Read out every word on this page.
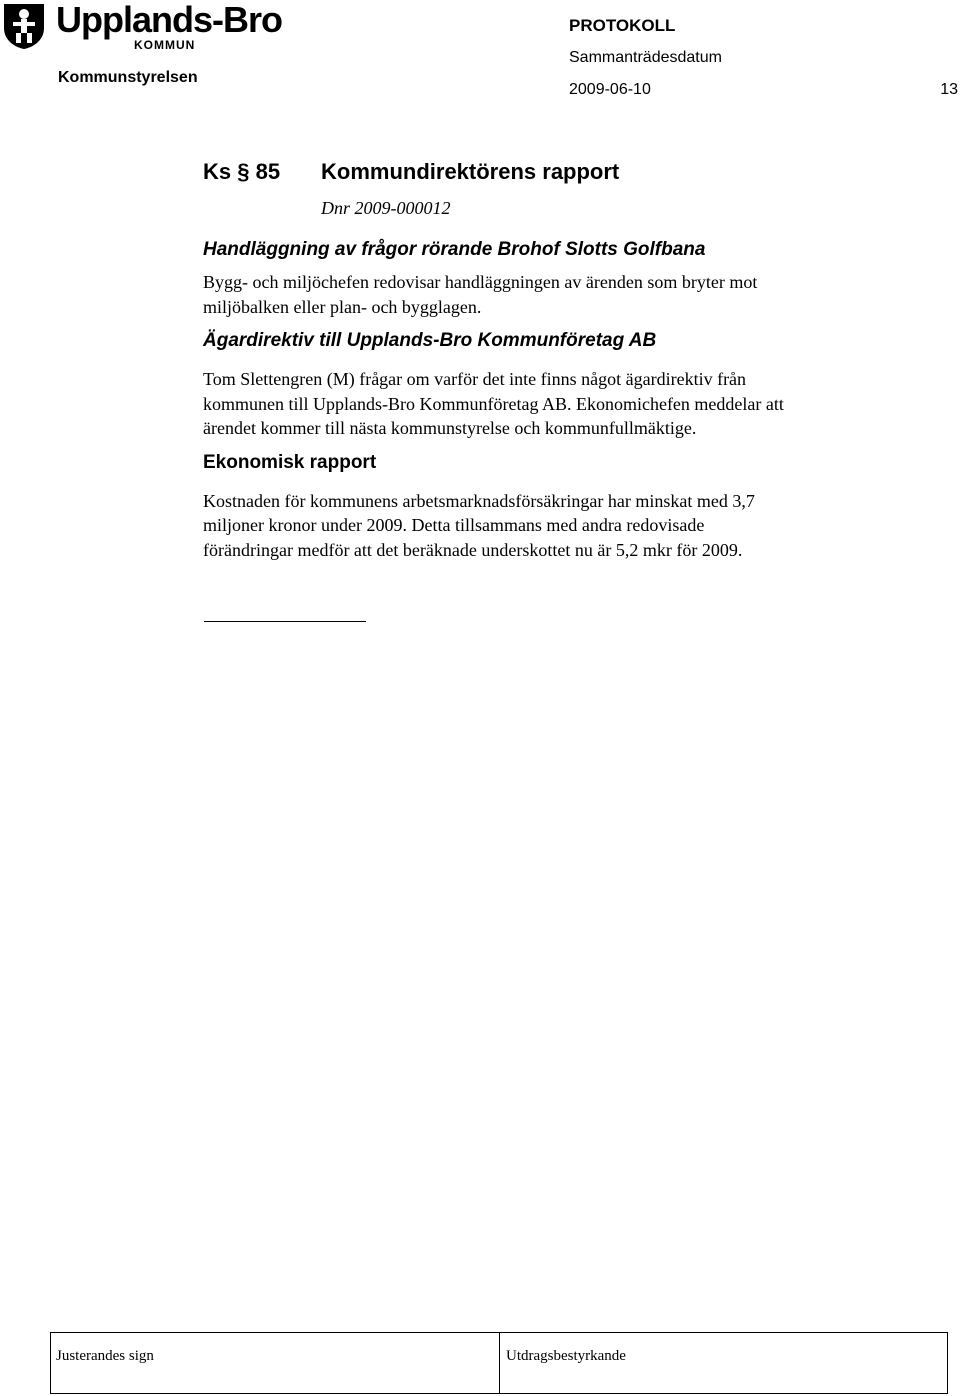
Upplands-Bro
KOMMUN
Kommunstyrelsen
PROTOKOLL
Sammanträdesdatum
2009-06-10	13
Ks § 85 Kommundirektörens rapport
Dnr 2009-000012

Handläggning av frågor rörande Brohof Slotts Golfbana

Bygg- och miljöchefen redovisar handläggningen av ärenden som bryter mot

miljöbalken eller plan- och bygglagen.

Ägardirektiv till Upplands-Bro Kommunföretag AB

Tom Slettengren (M) frågar om varför det inte finns något ägardirektiv från

kommunen till Upplands-Bro Kommunföretag AB. Ekonomichefen meddelar att

ärendet kommer till nästa kommunstyrelse och kommunfullmäktige.

Ekonomisk rapport

Kostnaden för kommunens arbetsmarknadsförsäkringar har minskat med 3,7

miljoner kronor under 2009. Detta tillsammans med andra redovisade

förändringar medför att det beräknade underskottet nu är 5,2 mkr för 2009.

Justerandes sign	Utdragsbestyrkande
